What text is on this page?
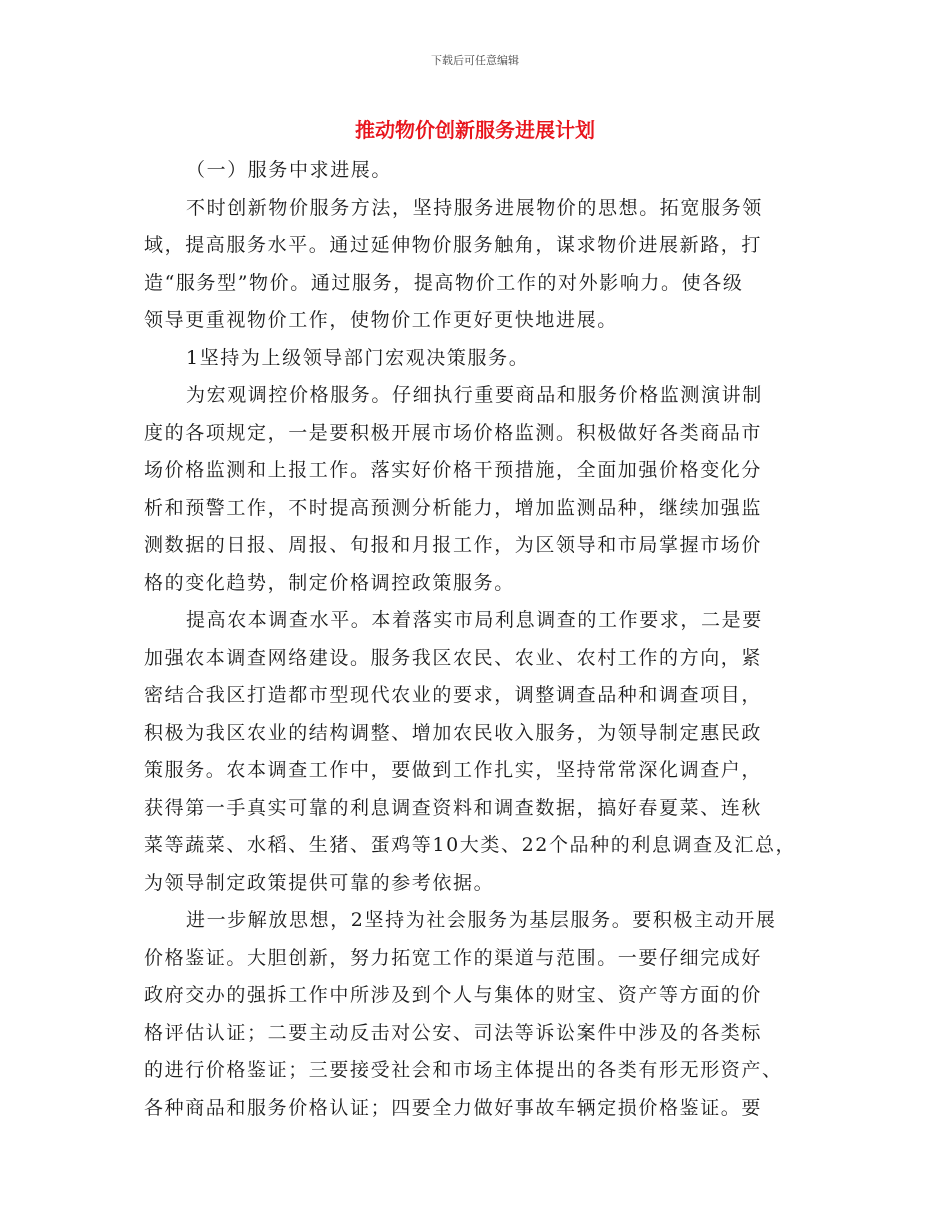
下载后可任意编辑
推动物价创新服务进展计划
（一）服务中求进展。
不时创新物价服务方法，坚持服务进展物价的思想。拓宽服务领
域，提高服务水平。通过延伸物价服务触角，谋求物价进展新路，打
造“服务型”物价。通过服务，提高物价工作的对外影响力。使各级
领导更重视物价工作，使物价工作更好更快地进展。
1坚持为上级领导部门宏观决策服务。
为宏观调控价格服务。仔细执行重要商品和服务价格监测演讲制
度的各项规定，一是要积极开展市场价格监测。积极做好各类商品市
场价格监测和上报工作。落实好价格干预措施，全面加强价格变化分
析和预警工作，不时提高预测分析能力，增加监测品种，继续加强监
测数据的日报、周报、旬报和月报工作，为区领导和市局掌握市场价
格的变化趋势，制定价格调控政策服务。
提高农本调查水平。本着落实市局利息调查的工作要求，二是要
加强农本调查网络建设。服务我区农民、农业、农村工作的方向，紧
密结合我区打造都市型现代农业的要求，调整调查品种和调查项目，
积极为我区农业的结构调整、增加农民收入服务，为领导制定惠民政
策服务。农本调查工作中，要做到工作扎实，坚持常常深化调查户，
获得第一手真实可靠的利息调查资料和调查数据，搞好春夏菜、连秋
菜等蔬菜、水稻、生猪、蛋鸡等10大类、22个品种的利息调查及汇总，
为领导制定政策提供可靠的参考依据。
进一步解放思想，2坚持为社会服务为基层服务。要积极主动开展
价格鉴证。大胆创新，努力拓宽工作的渠道与范围。一要仔细完成好
政府交办的强拆工作中所涉及到个人与集体的财宝、资产等方面的价
格评估认证；二要主动反击对公安、司法等诉讼案件中涉及的各类标
的进行价格鉴证；三要接受社会和市场主体提出的各类有形无形资产、
各种商品和服务价格认证；四要全力做好事故车辆定损价格鉴证。要
